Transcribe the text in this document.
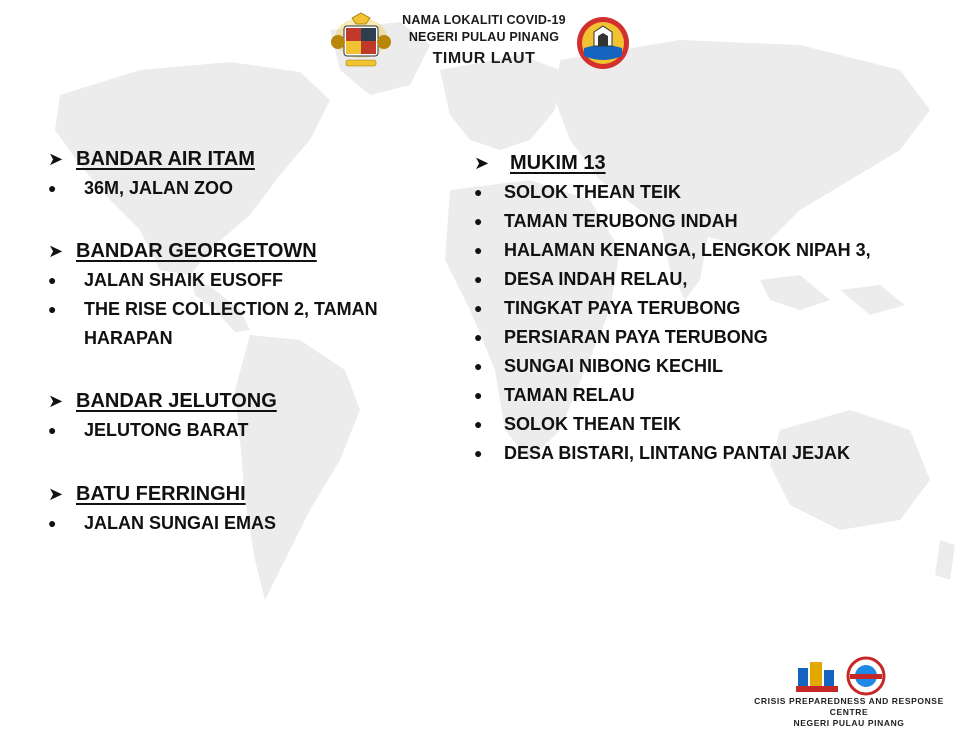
NAMA LOKALITI COVID-19
NEGERI PULAU PINANG
TIMUR LAUT
➤ BANDAR AIR ITAM
●	36M, JALAN ZOO
➤ BANDAR GEORGETOWN
●	JALAN SHAIK EUSOFF
●	THE RISE COLLECTION 2, TAMAN HARAPAN
➤ BANDAR JELUTONG
●	JELUTONG BARAT
➤ BATU FERRINGHI
●	JALAN SUNGAI EMAS
➤	MUKIM 13
●	SOLOK THEAN TEIK
●	TAMAN TERUBONG INDAH
●	HALAMAN KENANGA, LENGKOK NIPAH 3,
●	DESA INDAH RELAU,
●	TINGKAT PAYA TERUBONG
●	PERSIARAN PAYA TERUBONG
●	SUNGAI NIBONG KECHIL
●	TAMAN RELAU
●	SOLOK THEAN TEIK
●	DESA BISTARI, LINTANG PANTAI JEJAK
CRISIS PREPAREDNESS AND RESPONSE CENTRE
NEGERI PULAU PINANG
